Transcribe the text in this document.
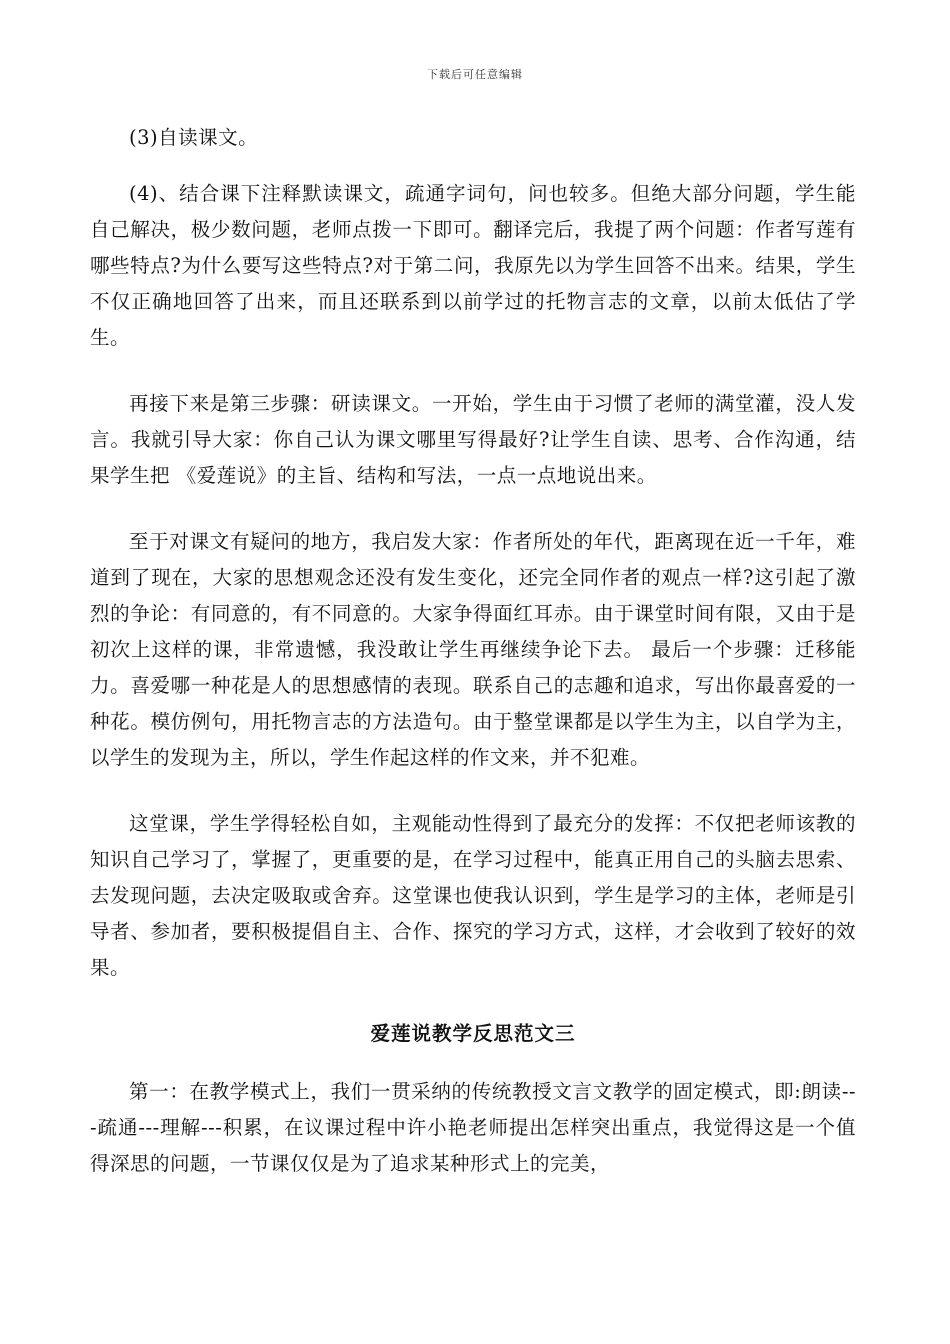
下载后可任意编辑

(3)自读课文。

(4)、结合课下注释默读课文，疏通字词句，问也较多。但绝大部分问题，学生能自己解决，极少数问题，老师点拨一下即可。翻译完后，我提了两个问题：作者写莲有哪些特点?为什么要写这些特点?对于第二问，我原先以为学生回答不出来。结果，学生不仅正确地回答了出来，而且还联系到以前学过的托物言志的文章，以前太低估了学生。

再接下来是第三步骤：研读课文。一开始，学生由于习惯了老师的满堂灌，没人发言。我就引导大家：你自己认为课文哪里写得最好?让学生自读、思考、合作沟通，结果学生把 《爱莲说》的主旨、结构和写法，一点一点地说出来。

至于对课文有疑问的地方，我启发大家：作者所处的年代，距离现在近一千年，难道到了现在，大家的思想观念还没有发生变化，还完全同作者的观点一样?这引起了激烈的争论：有同意的，有不同意的。大家争得面红耳赤。由于课堂时间有限，又由于是初次上这样的课，非常遗憾，我没敢让学生再继续争论下去。 最后一个步骤：迁移能力。喜爱哪一种花是人的思想感情的表现。联系自己的志趣和追求，写出你最喜爱的一种花。模仿例句，用托物言志的方法造句。由于整堂课都是以学生为主，以自学为主，以学生的发现为主，所以，学生作起这样的作文来，并不犯难。

这堂课，学生学得轻松自如，主观能动性得到了最充分的发挥：不仅把老师该教的知识自己学习了，掌握了，更重要的是，在学习过程中，能真正用自己的头脑去思索、去发现问题，去决定吸取或舍弃。这堂课也使我认识到，学生是学习的主体，老师是引导者、参加者，要积极提倡自主、合作、探究的学习方式，这样，才会收到了较好的效果。

爱莲说教学反思范文三

第一：在教学模式上，我们一贯采纳的传统教授文言文教学的固定模式，即:朗读---疏通---理解---积累，在议课过程中许小艳老师提出怎样突出重点，我觉得这是一个值得深思的问题，一节课仅仅是为了追求某种形式上的完美，
